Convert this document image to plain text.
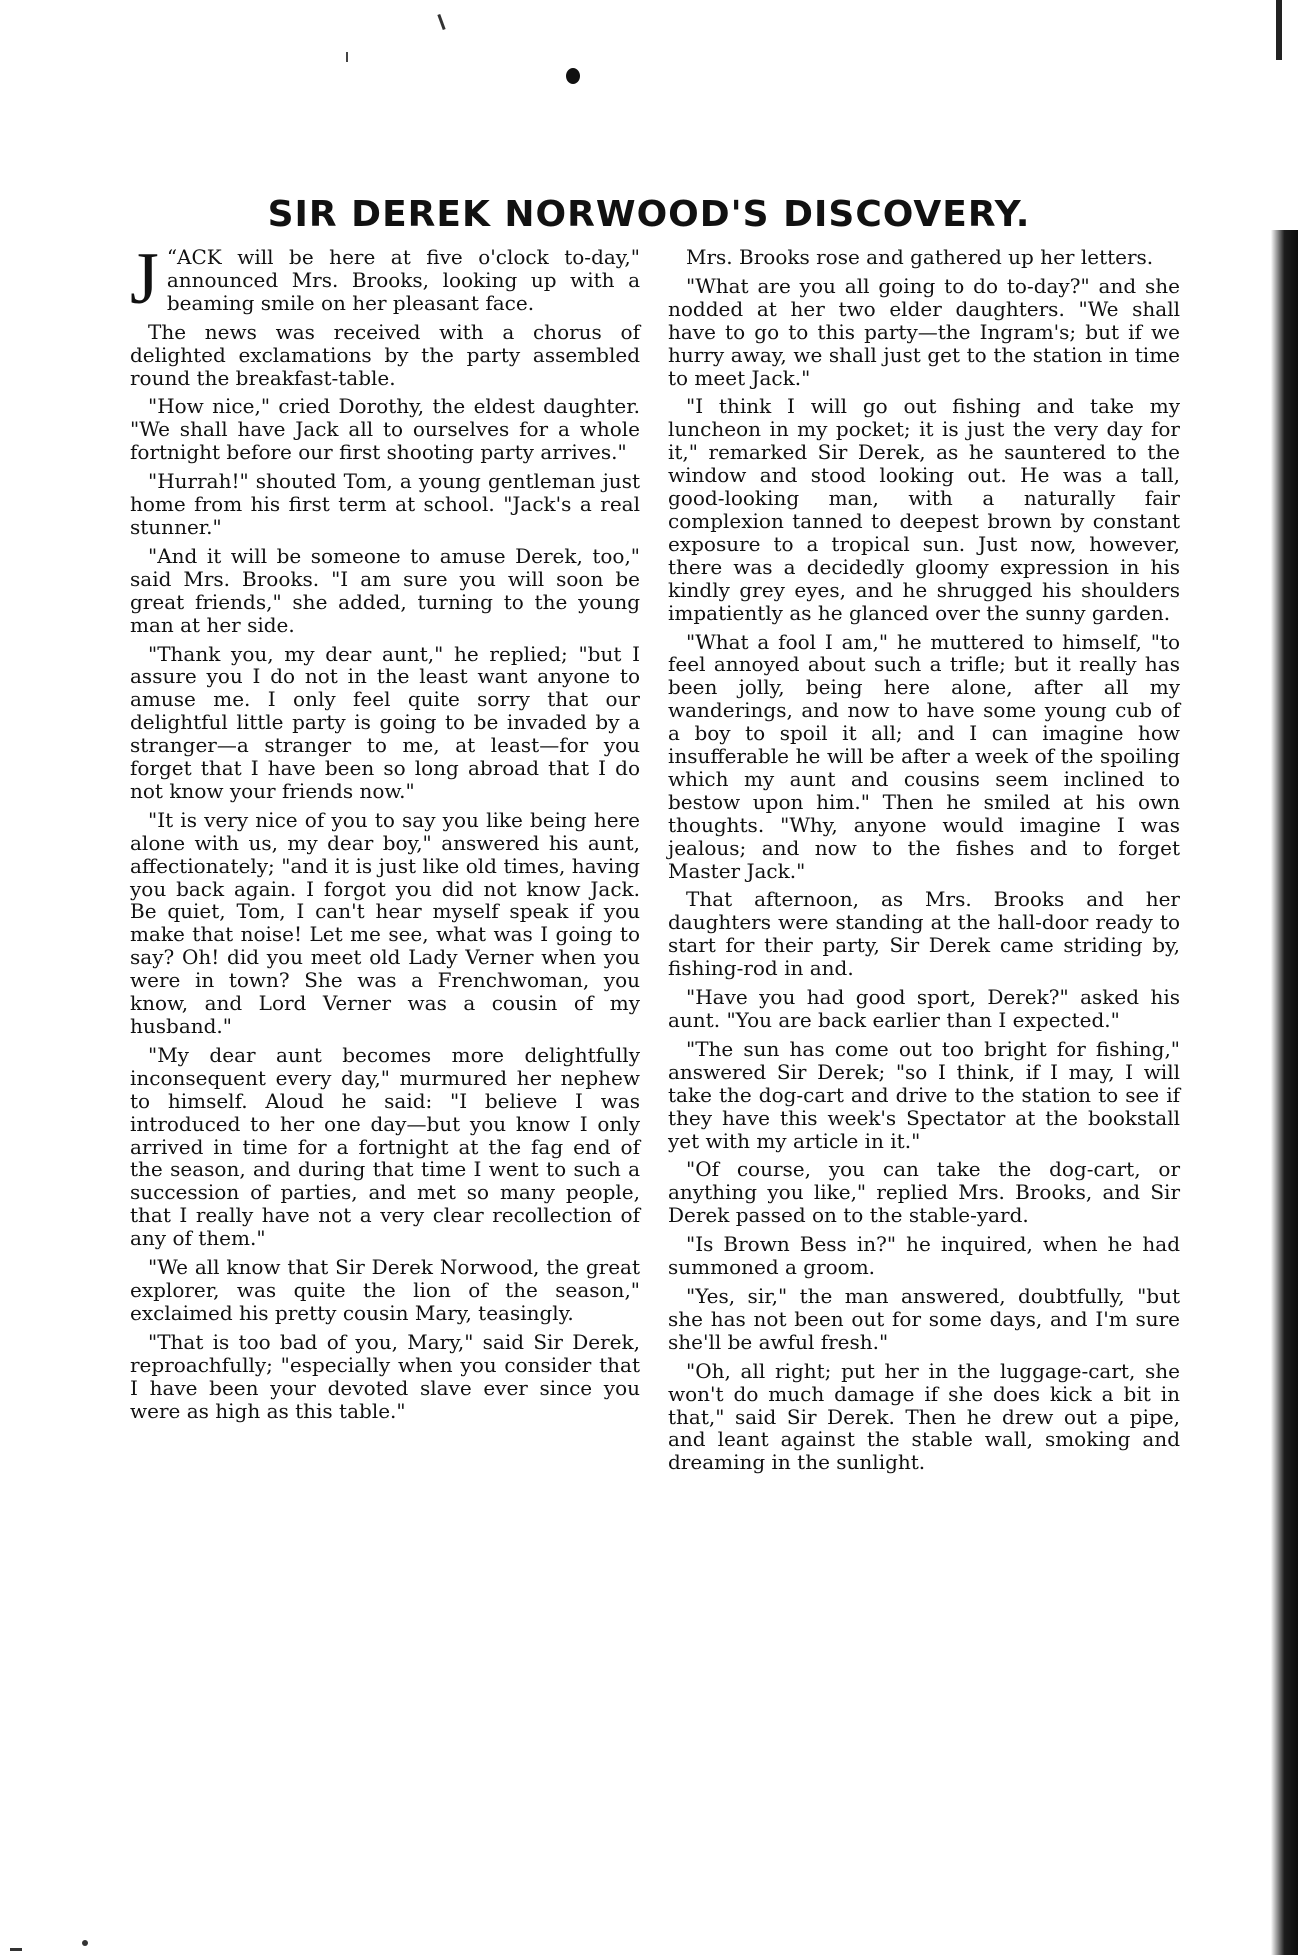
SIR DEREK NORWOOD'S DISCOVERY.

“
J ACK will be here at five o'clock to-day," announced Mrs. Brooks, looking up with a beaming smile on her pleasant face.

The news was received with a chorus of delighted exclamations by the party assembled round the breakfast-table.

"How nice," cried Dorothy, the eldest daughter. "We shall have Jack all to ourselves for a whole fortnight before our first shooting party arrives."

"Hurrah!" shouted Tom, a young gentleman just home from his first term at school. "Jack's a real stunner."

"And it will be someone to amuse Derek, too," said Mrs. Brooks. "I am sure you will soon be great friends," she added, turning to the young man at her side.

"Thank you, my dear aunt," he replied; "but I assure you I do not in the least want anyone to amuse me. I only feel quite sorry that our delightful little party is going to be invaded by a stranger—a stranger to me, at least—for you forget that I have been so long abroad that I do not know your friends now."

"It is very nice of you to say you like being here alone with us, my dear boy," answered his aunt, affectionately; "and it is just like old times, having you back again. I forgot you did not know Jack. Be quiet, Tom, I can't hear myself speak if you make that noise! Let me see, what was I going to say? Oh! did you meet old Lady Verner when you were in town? She was a Frenchwoman, you know, and Lord Verner was a cousin of my husband."

"My dear aunt becomes more delightfully inconsequent every day," murmured her nephew to himself. Aloud he said: "I believe I was introduced to her one day—but you know I only arrived in time for a fortnight at the fag end of the season, and during that time I went to such a succession of parties, and met so many people, that I really have not a very clear recollection of any of them."

"We all know that Sir Derek Norwood, the great explorer, was quite the lion of the season," exclaimed his pretty cousin Mary, teasingly.

"That is too bad of you, Mary," said Sir Derek, reproachfully; "especially when you consider that I have been your devoted slave ever since you were as high as this table."

Mrs. Brooks rose and gathered up her letters.

"What are you all going to do to-day?" and she nodded at her two elder daughters. "We shall have to go to this party—the Ingram's; but if we hurry away, we shall just get to the station in time to meet Jack."

"I think I will go out fishing and take my luncheon in my pocket; it is just the very day for it," remarked Sir Derek, as he sauntered to the window and stood looking out. He was a tall, good-looking man, with a naturally fair complexion tanned to deepest brown by constant exposure to a tropical sun. Just now, however, there was a decidedly gloomy expression in his kindly grey eyes, and he shrugged his shoulders impatiently as he glanced over the sunny garden.

"What a fool I am," he muttered to himself, "to feel annoyed about such a trifle; but it really has been jolly, being here alone, after all my wanderings, and now to have some young cub of a boy to spoil it all; and I can imagine how insufferable he will be after a week of the spoiling which my aunt and cousins seem inclined to bestow upon him." Then he smiled at his own thoughts. "Why, anyone would imagine I was jealous; and now to the fishes and to forget Master Jack."

That afternoon, as Mrs. Brooks and her daughters were standing at the hall-door ready to start for their party, Sir Derek came striding by, fishing-rod in and.

"Have you had good sport, Derek?" asked his aunt. "You are back earlier than I expected."

"The sun has come out too bright for fishing," answered Sir Derek; "so I think, if I may, I will take the dog-cart and drive to the station to see if they have this week's Spectator at the bookstall yet with my article in it."

"Of course, you can take the dog-cart, or anything you like," replied Mrs. Brooks, and Sir Derek passed on to the stable-yard.

"Is Brown Bess in?" he inquired, when he had summoned a groom.

"Yes, sir," the man answered, doubtfully, "but she has not been out for some days, and I'm sure she'll be awful fresh."

"Oh, all right; put her in the luggage-cart, she won't do much damage if she does kick a bit in that," said Sir Derek. Then he drew out a pipe, and leant against the stable wall, smoking and dreaming in the sunlight.
